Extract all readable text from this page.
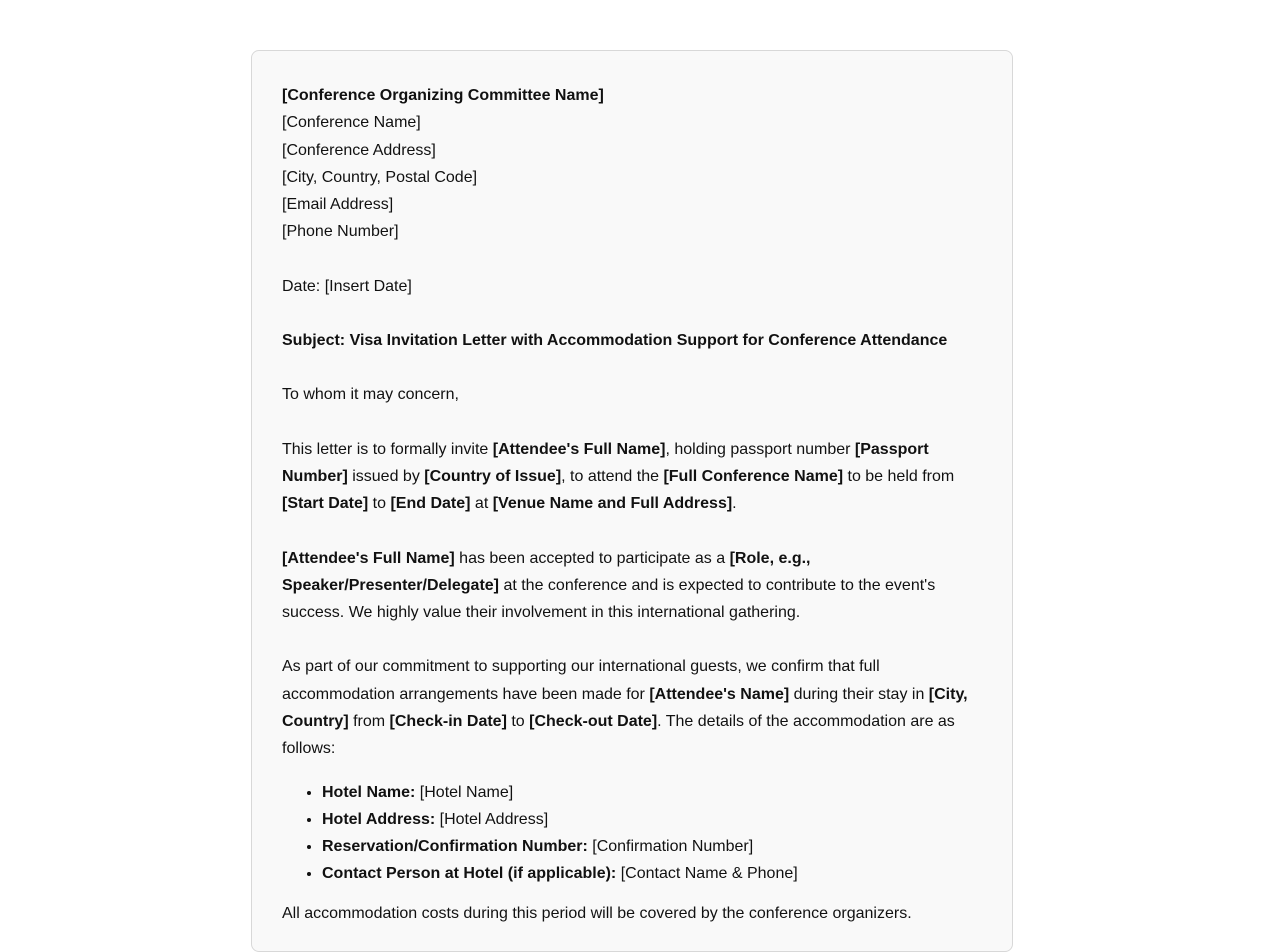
[Conference Organizing Committee Name]
[Conference Name]
[Conference Address]
[City, Country, Postal Code]
[Email Address]
[Phone Number]

Date: [Insert Date]

Subject: Visa Invitation Letter with Accommodation Support for Conference Attendance

To whom it may concern,

This letter is to formally invite [Attendee's Full Name], holding passport number [Passport Number] issued by [Country of Issue], to attend the [Full Conference Name] to be held from [Start Date] to [End Date] at [Venue Name and Full Address].

[Attendee's Full Name] has been accepted to participate as a [Role, e.g., Speaker/Presenter/Delegate] at the conference and is expected to contribute to the event's success. We highly value their involvement in this international gathering.

As part of our commitment to supporting our international guests, we confirm that full accommodation arrangements have been made for [Attendee's Name] during their stay in [City, Country] from [Check-in Date] to [Check-out Date]. The details of the accommodation are as follows:

• Hotel Name: [Hotel Name]
• Hotel Address: [Hotel Address]
• Reservation/Confirmation Number: [Confirmation Number]
• Contact Person at Hotel (if applicable): [Contact Name & Phone]

All accommodation costs during this period will be covered by the conference organizers.
